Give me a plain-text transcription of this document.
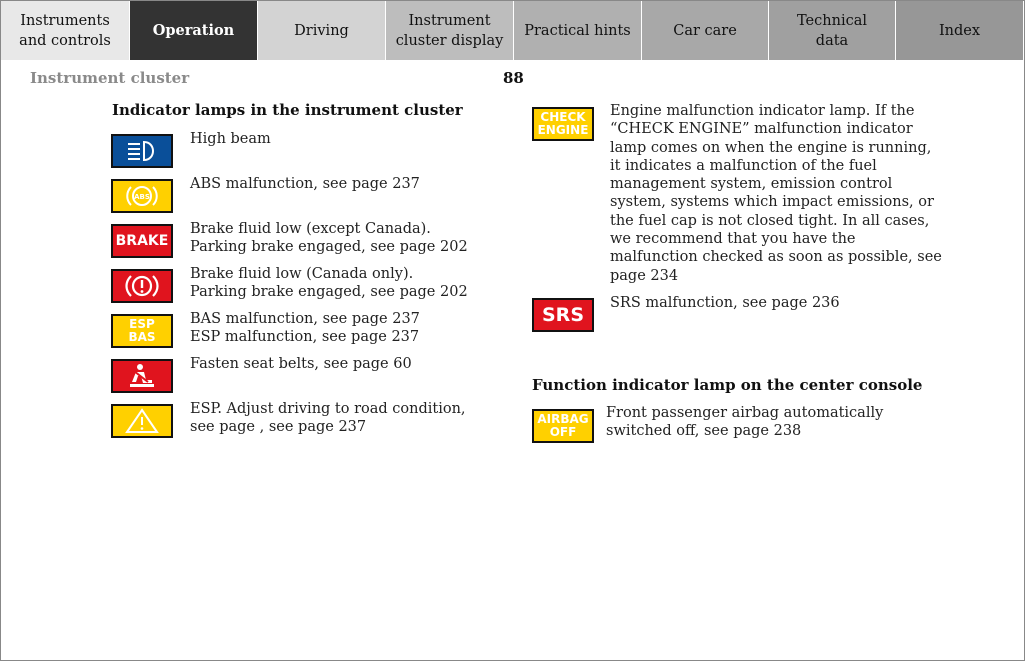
Instruments
and controls
Operation	Driving
Instrument
cluster display
Practical hints	Car care
Technical
data
Index
Instrument cluster	88
Indicator lamps in the instrument cluster
High beam
ABS
ABS malfunction, see page 237
BRAKE
Brake fluid low (except Canada).
Parking brake engaged, see page 202
Brake fluid low (Canada only).
Parking brake engaged, see page 202
ESP
BAS
BAS malfunction, see page 237
ESP malfunction, see page 237
Fasten seat belts, see page 60
ESP. Adjust driving to road condition,
see page , see page 237
CHECK
ENGINE
Engine malfunction indicator lamp. If the
“CHECK ENGINE” malfunction indicator
lamp comes on when the engine is running,
it indicates a malfunction of the fuel
management system, emission control
system, systems which impact emissions, or
the fuel cap is not closed tight. In all cases,
we recommend that you have the
malfunction checked as soon as possible, see
page 234
SRS
SRS malfunction, see page 236
Function indicator lamp on the center console
AIRBAG
OFF
Front passenger airbag automatically
switched off, see page 238
